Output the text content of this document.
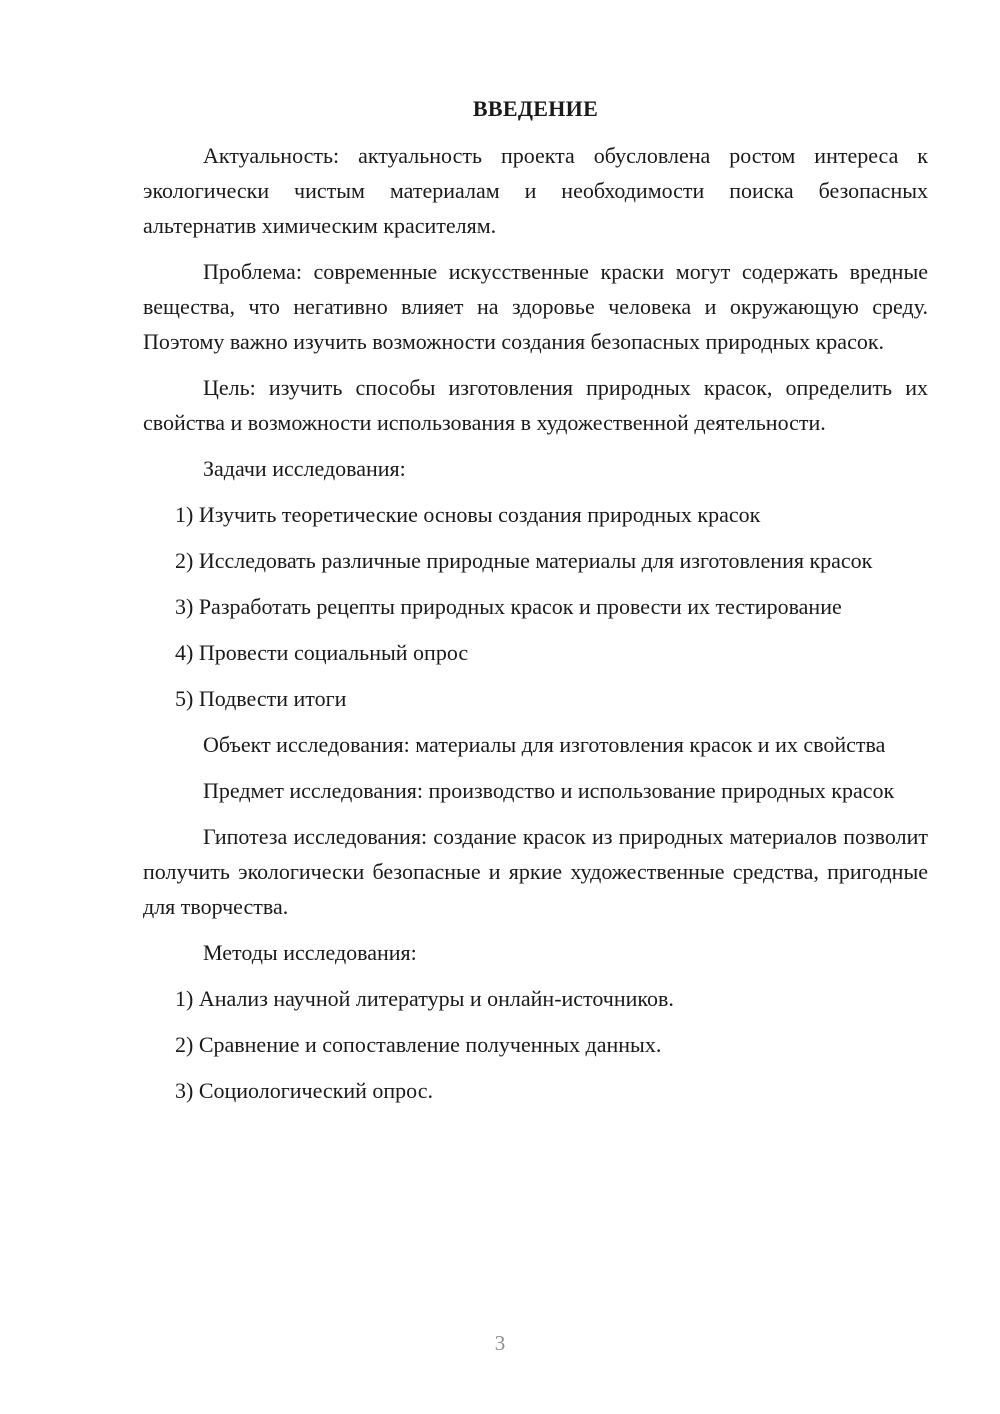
ВВЕДЕНИЕ

Актуальность: актуальность проекта обусловлена ростом интереса к экологически чистым материалам и необходимости поиска безопасных альтернатив химическим красителям.

Проблема: современные искусственные краски могут содержать вредные вещества, что негативно влияет на здоровье человека и окружающую среду. Поэтому важно изучить возможности создания безопасных природных красок.

Цель: изучить способы изготовления природных красок, определить их свойства и возможности использования в художественной деятельности.

Задачи исследования:

1) Изучить теоретические основы создания природных красок

2) Исследовать различные природные материалы для изготовления красок

3) Разработать рецепты природных красок и провести их тестирование

4) Провести социальный опрос

5) Подвести итоги

Объект исследования: материалы для изготовления красок и их свойства

Предмет исследования: производство и использование природных красок

Гипотеза исследования: создание красок из природных материалов позволит получить экологически безопасные и яркие художественные средства, пригодные для творчества.

Методы исследования:

1) Анализ научной литературы и онлайн-источников.

2) Сравнение и сопоставление полученных данных.

3) Социологический опрос.

3
